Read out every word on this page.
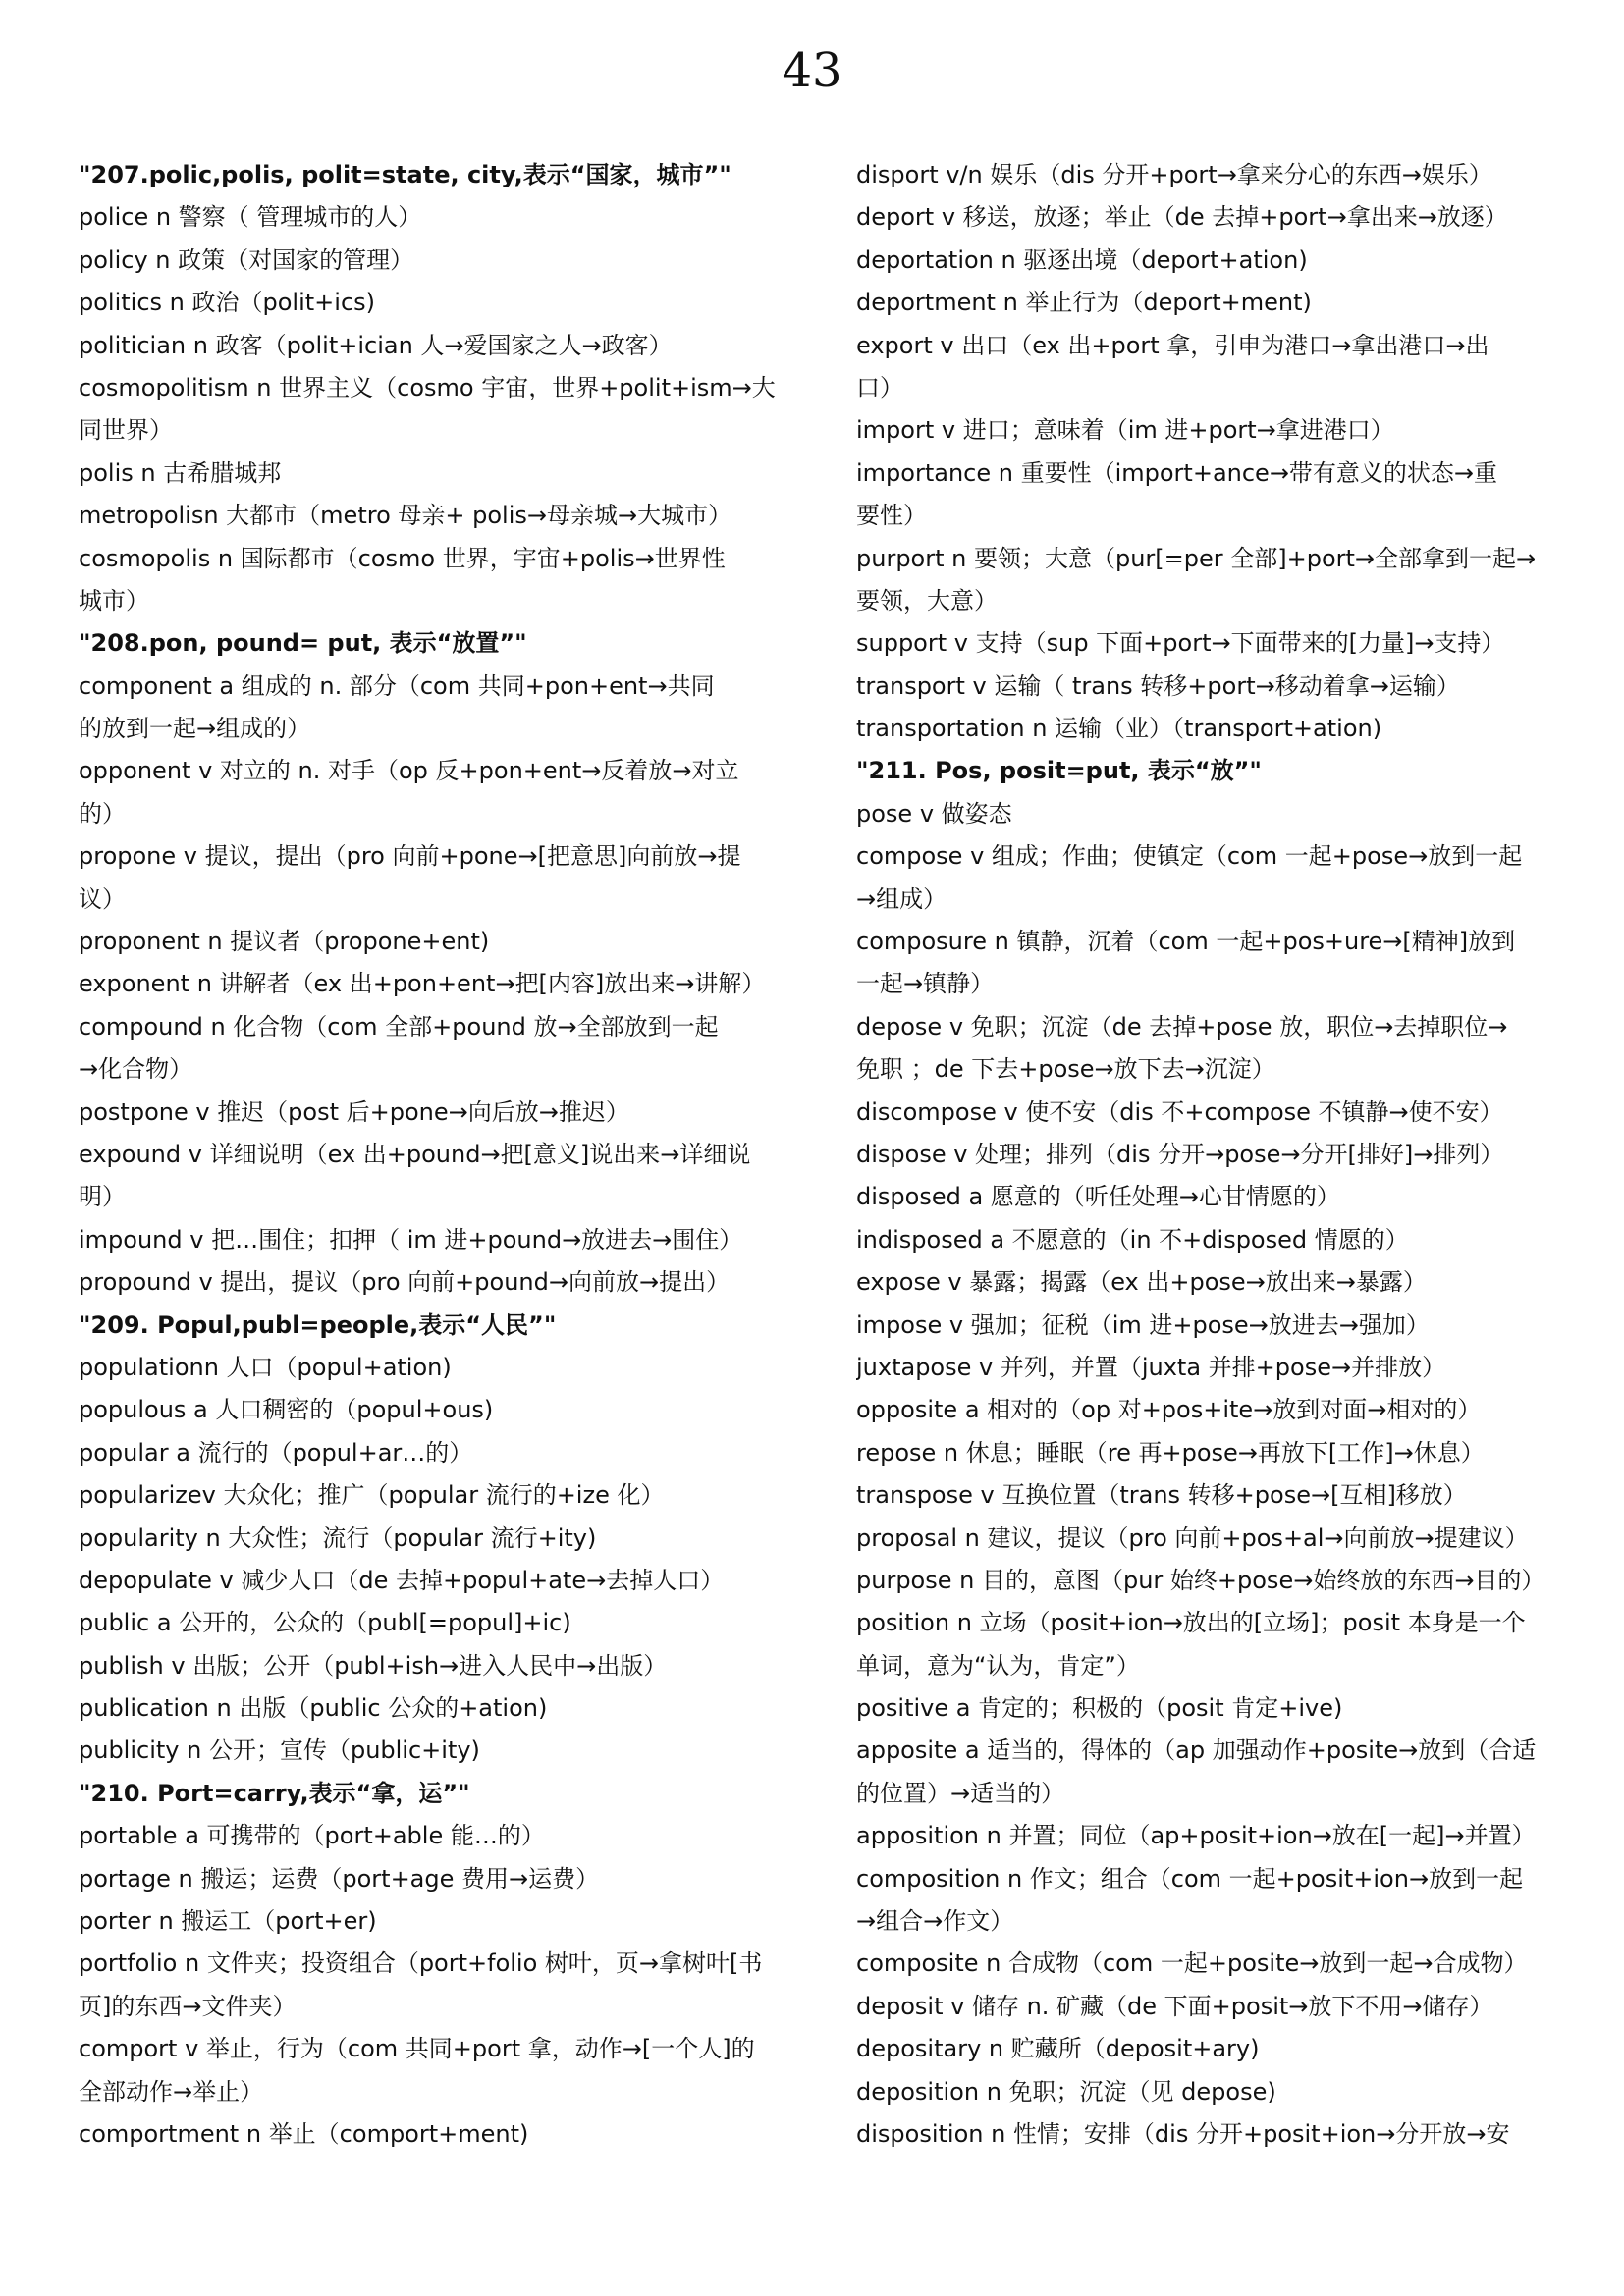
43
"207.polic,polis, polit=state, city,表示“国家，城市”"
police n 警察（ 管理城市的人）
policy n 政策（对国家的管理）
politics n 政治（polit+ics)
politician n 政客（polit+ician 人→爱国家之人→政客）
cosmopolitism n 世界主义（cosmo 宇宙，世界+polit+ism→大
同世界）
polis n 古希腊城邦
metropolisn 大都市（metro 母亲+ polis→母亲城→大城市）
cosmopolis n 国际都市（cosmo 世界，宇宙+polis→世界性
城市）
"208.pon, pound= put, 表示“放置”"
component a 组成的 n. 部分（com 共同+pon+ent→共同
的放到一起→组成的）
opponent v 对立的 n. 对手（op 反+pon+ent→反着放→对立
的）
propone v 提议，提出（pro 向前+pone→[把意思]向前放→提
议）
proponent n 提议者（propone+ent)
exponent n 讲解者（ex 出+pon+ent→把[内容]放出来→讲解）
compound n 化合物（com 全部+pound 放→全部放到一起
→化合物）
postpone v 推迟（post 后+pone→向后放→推迟）
expound v 详细说明（ex 出+pound→把[意义]说出来→详细说
明）
impound v 把…围住；扣押（ im 进+pound→放进去→围住）
propound v 提出，提议（pro 向前+pound→向前放→提出）
"209. Popul,publ=people,表示“人民”"
populationn 人口（popul+ation)
populous a 人口稠密的（popul+ous)
popular a 流行的（popul+ar…的）
popularizev 大众化；推广（popular 流行的+ize 化）
popularity n 大众性；流行（popular 流行+ity)
depopulate v 减少人口（de 去掉+popul+ate→去掉人口）
public a 公开的，公众的（publ[=popul]+ic)
publish v 出版；公开（publ+ish→进入人民中→出版）
publication n 出版（public 公众的+ation)
publicity n 公开；宣传（public+ity)
"210. Port=carry,表示“拿，运”"
portable a 可携带的（port+able 能…的）
portage n 搬运；运费（port+age 费用→运费）
porter n 搬运工（port+er)
portfolio n 文件夹；投资组合（port+folio 树叶，页→拿树叶[书
页]的东西→文件夹）
comport v 举止，行为（com 共同+port 拿，动作→[一个人]的
全部动作→举止）
comportment n 举止（comport+ment)
disport v/n 娱乐（dis 分开+port→拿来分心的东西→娱乐）
deport v 移送，放逐；举止（de 去掉+port→拿出来→放逐）
deportation n 驱逐出境（deport+ation)
deportment n 举止行为（deport+ment)
export v 出口（ex 出+port 拿，引申为港口→拿出港口→出
口）
import v 进口；意味着（im 进+port→拿进港口）
importance n 重要性（import+ance→带有意义的状态→重
要性）
purport n 要领；大意（pur[=per 全部]+port→全部拿到一起→
要领，大意）
support v 支持（sup 下面+port→下面带来的[力量]→支持）
transport v 运输（ trans 转移+port→移动着拿→运输）
transportation n 运输（业）（transport+ation)
"211. Pos, posit=put, 表示“放”"
pose v 做姿态
compose v 组成；作曲；使镇定（com 一起+pose→放到一起
→组成）
composure n 镇静，沉着（com 一起+pos+ure→[精神]放到
一起→镇静）
depose v 免职；沉淀（de 去掉+pose 放，职位→去掉职位→
免职 ；de 下去+pose→放下去→沉淀）
discompose v 使不安（dis 不+compose 不镇静→使不安）
dispose v 处理；排列（dis 分开→pose→分开[排好]→排列）
disposed a 愿意的（听任处理→心甘情愿的）
indisposed a 不愿意的（in 不+disposed 情愿的）
expose v 暴露；揭露（ex 出+pose→放出来→暴露）
impose v 强加；征税（im 进+pose→放进去→强加）
juxtapose v 并列，并置（juxta 并排+pose→并排放）
opposite a 相对的（op 对+pos+ite→放到对面→相对的）
repose n 休息；睡眠（re 再+pose→再放下[工作]→休息）
transpose v 互换位置（trans 转移+pose→[互相]移放）
proposal n 建议，提议（pro 向前+pos+al→向前放→提建议）
purpose n 目的，意图（pur 始终+pose→始终放的东西→目的）
position n 立场（posit+ion→放出的[立场]；posit 本身是一个
单词，意为“认为，肯定”）
positive a 肯定的；积极的（posit 肯定+ive)
apposite a 适当的，得体的（ap 加强动作+posite→放到（合适
的位置）→适当的）
apposition n 并置；同位（ap+posit+ion→放在[一起]→并置）
composition n 作文；组合（com 一起+posit+ion→放到一起
→组合→作文）
composite n 合成物（com 一起+posite→放到一起→合成物）
deposit v 储存 n. 矿藏（de 下面+posit→放下不用→储存）
depositary n 贮藏所（deposit+ary)
deposition n 免职；沉淀（见 depose)
disposition n 性情；安排（dis 分开+posit+ion→分开放→安
